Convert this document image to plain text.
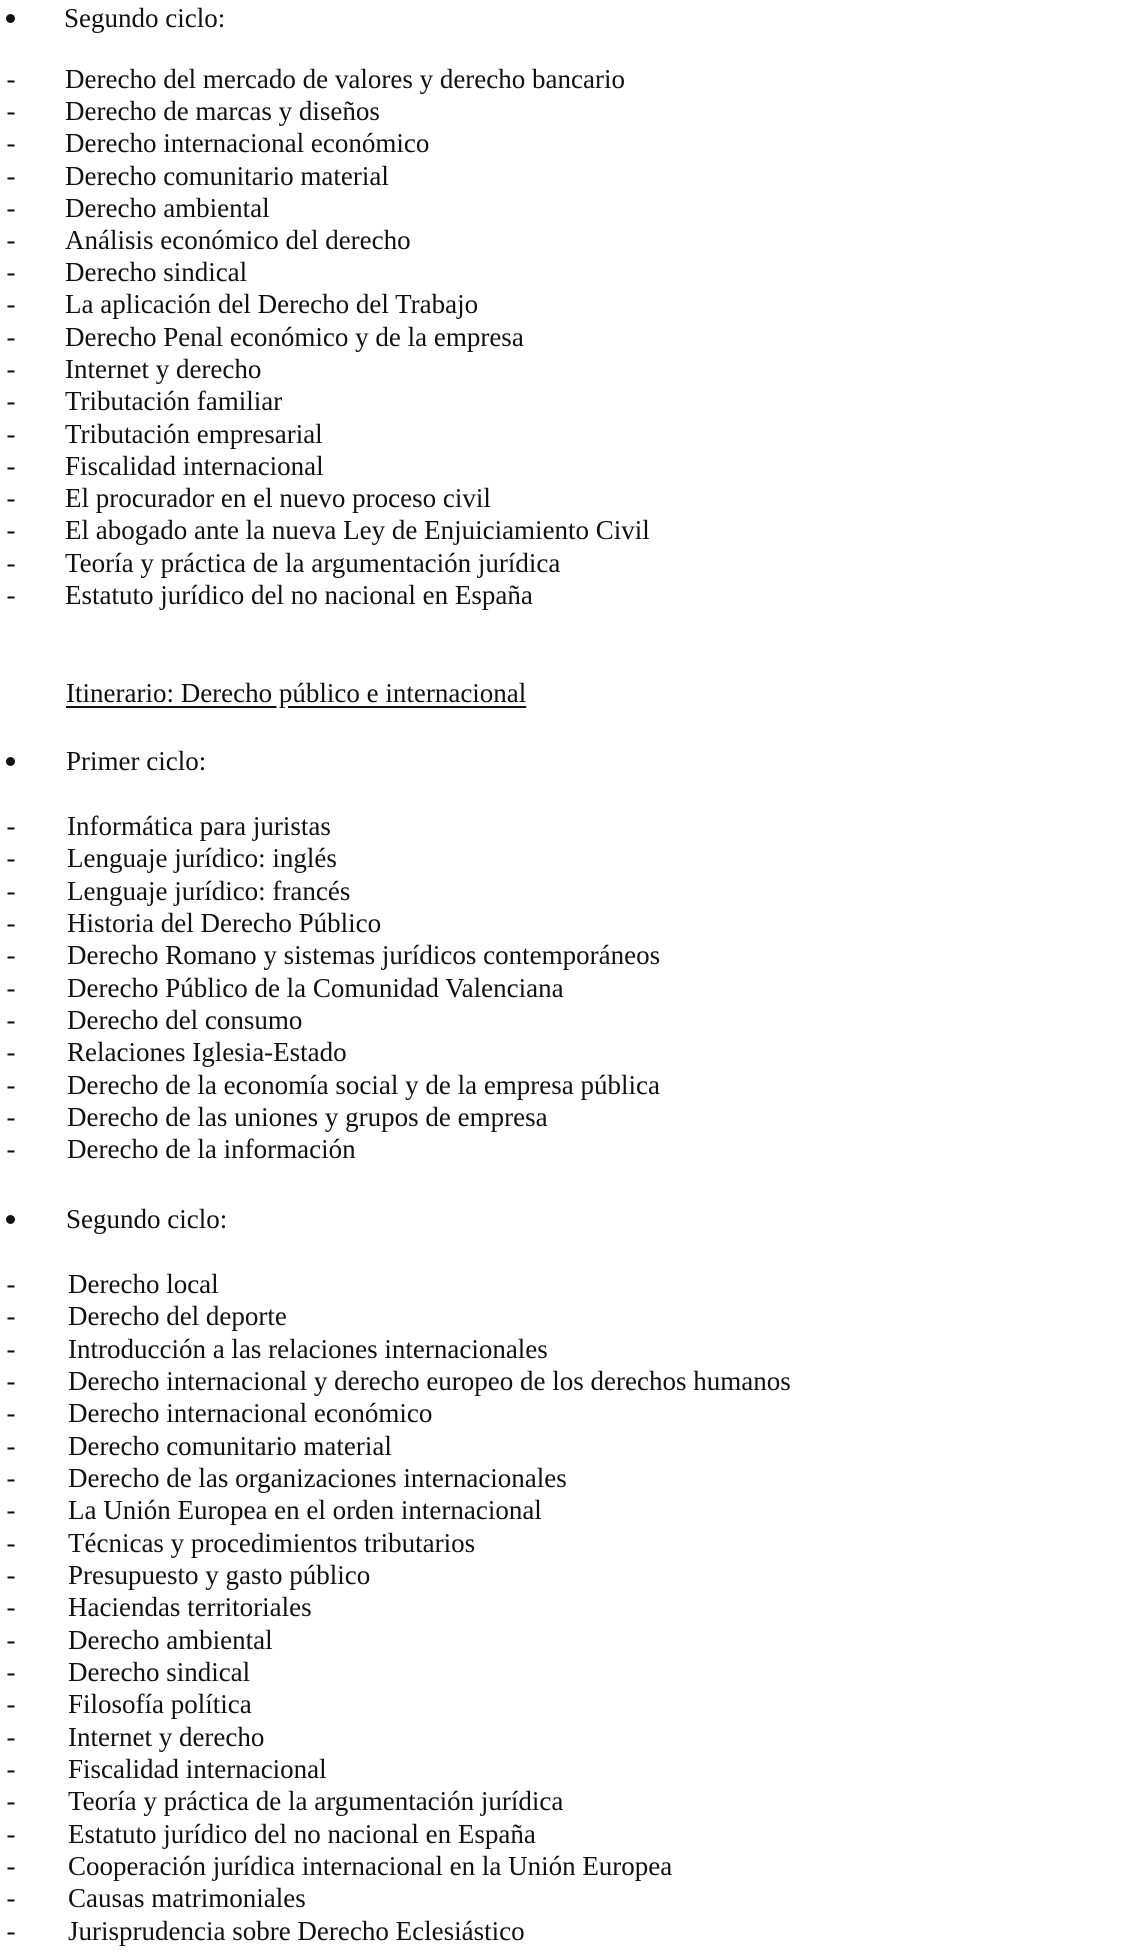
Segundo ciclo:
- Derecho del mercado de valores y derecho bancario
- Derecho de marcas y diseños
- Derecho internacional económico
- Derecho comunitario material
- Derecho ambiental
- Análisis económico del derecho
- Derecho sindical
- La aplicación del Derecho del Trabajo
- Derecho Penal económico y de la empresa
- Internet y derecho
- Tributación familiar
- Tributación empresarial
- Fiscalidad internacional
- El procurador en el nuevo proceso civil
- El abogado ante la nueva Ley de Enjuiciamiento Civil
- Teoría y práctica de la argumentación jurídica
- Estatuto jurídico del no nacional en España
Itinerario: Derecho público e internacional
Primer ciclo:
- Informática para juristas
- Lenguaje jurídico: inglés
- Lenguaje jurídico: francés
- Historia del Derecho Público
- Derecho Romano y sistemas jurídicos contemporáneos
- Derecho Público de la Comunidad Valenciana
- Derecho del consumo
- Relaciones Iglesia-Estado
- Derecho de la economía social y de la empresa pública
- Derecho de las uniones y grupos de empresa
- Derecho de la información
Segundo ciclo:
- Derecho local
- Derecho del deporte
- Introducción a las relaciones internacionales
- Derecho internacional y derecho europeo de los derechos humanos
- Derecho internacional económico
- Derecho comunitario material
- Derecho de las organizaciones internacionales
- La Unión Europea en el orden internacional
- Técnicas y procedimientos tributarios
- Presupuesto y gasto público
- Haciendas territoriales
- Derecho ambiental
- Derecho sindical
- Filosofía política
- Internet y derecho
- Fiscalidad internacional
- Teoría y práctica de la argumentación jurídica
- Estatuto jurídico del no nacional en España
- Cooperación jurídica internacional en la Unión Europea
- Causas matrimoniales
- Jurisprudencia sobre Derecho Eclesiástico
